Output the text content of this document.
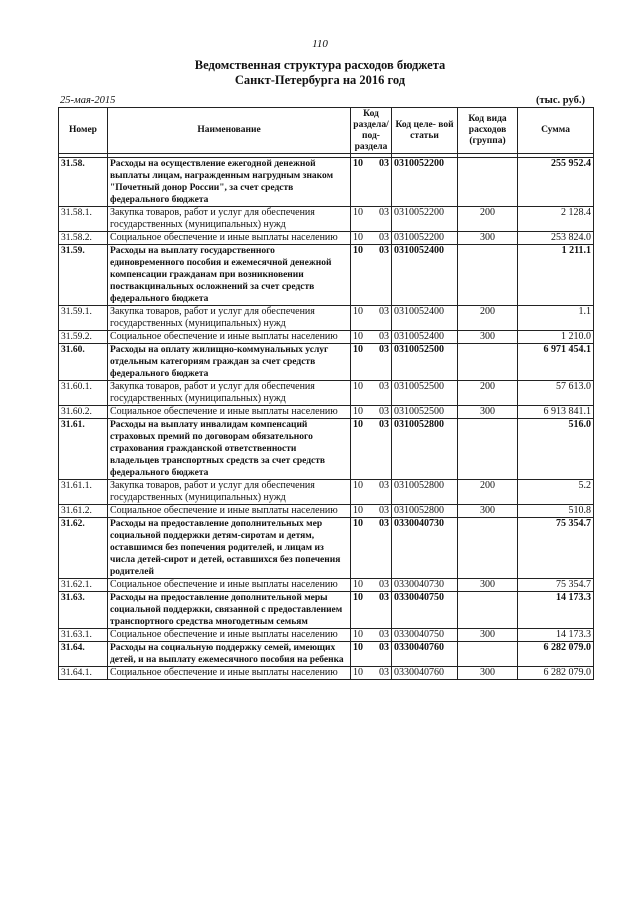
110
Ведомственная структура расходов бюджета
Санкт-Петербурга на 2016 год
25-мая-2015	(тыс. руб.)
Номер	Наименование	Код раздела/ под- раздела		Код целе- вой статьи	Код вида расходов (группа)	Сумма

31.58.	Расходы на осуществление ежегодной денежной выплаты лицам, награжденным нагрудным знаком "Почетный донор России", за счет средств федерального бюджета	10	03	0310052200		255 952.4
31.58.1.	Закупка товаров, работ и услуг для обеспечения государственных (муниципальных) нужд	10	03	0310052200	200	2 128.4
31.58.2.	Социальное обеспечение и иные выплаты населению	10	03	0310052200	300	253 824.0
31.59.	Расходы на выплату государственного единовременного пособия и ежемесячной денежной компенсации гражданам при возникновении поствакцинальных осложнений за счет средств федерального бюджета	10	03	0310052400		1 211.1
31.59.1.	Закупка товаров, работ и услуг для обеспечения государственных (муниципальных) нужд	10	03	0310052400	200	1.1
31.59.2.	Социальное обеспечение и иные выплаты населению	10	03	0310052400	300	1 210.0
31.60.	Расходы на оплату жилищно-коммунальных услуг отдельным категориям граждан за счет средств федерального бюджета	10	03	0310052500		6 971 454.1
31.60.1.	Закупка товаров, работ и услуг для обеспечения государственных (муниципальных) нужд	10	03	0310052500	200	57 613.0
31.60.2.	Социальное обеспечение и иные выплаты населению	10	03	0310052500	300	6 913 841.1
31.61.	Расходы на выплату инвалидам компенсаций страховых премий по договорам обязательного страхования гражданской ответственности владельцев транспортных средств за счет средств федерального бюджета	10	03	0310052800		516.0
31.61.1.	Закупка товаров, работ и услуг для обеспечения государственных (муниципальных) нужд	10	03	0310052800	200	5.2
31.61.2.	Социальное обеспечение и иные выплаты населению	10	03	0310052800	300	510.8
31.62.	Расходы на предоставление дополнительных мер социальной поддержки детям-сиротам и детям, оставшимся без попечения родителей, и лицам из числа детей-сирот и детей, оставшихся без попечения родителей	10	03	0330040730		75 354.7
31.62.1.	Социальное обеспечение и иные выплаты населению	10	03	0330040730	300	75 354.7
31.63.	Расходы на предоставление дополнительной меры социальной поддержки, связанной с предоставлением транспортного средства многодетным семьям	10	03	0330040750		14 173.3
31.63.1.	Социальное обеспечение и иные выплаты населению	10	03	0330040750	300	14 173.3
31.64.	Расходы на социальную поддержку семей, имеющих детей, и на выплату ежемесячного пособия на ребенка	10	03	0330040760		6 282 079.0
31.64.1.	Социальное обеспечение и иные выплаты населению	10	03	0330040760	300	6 282 079.0
